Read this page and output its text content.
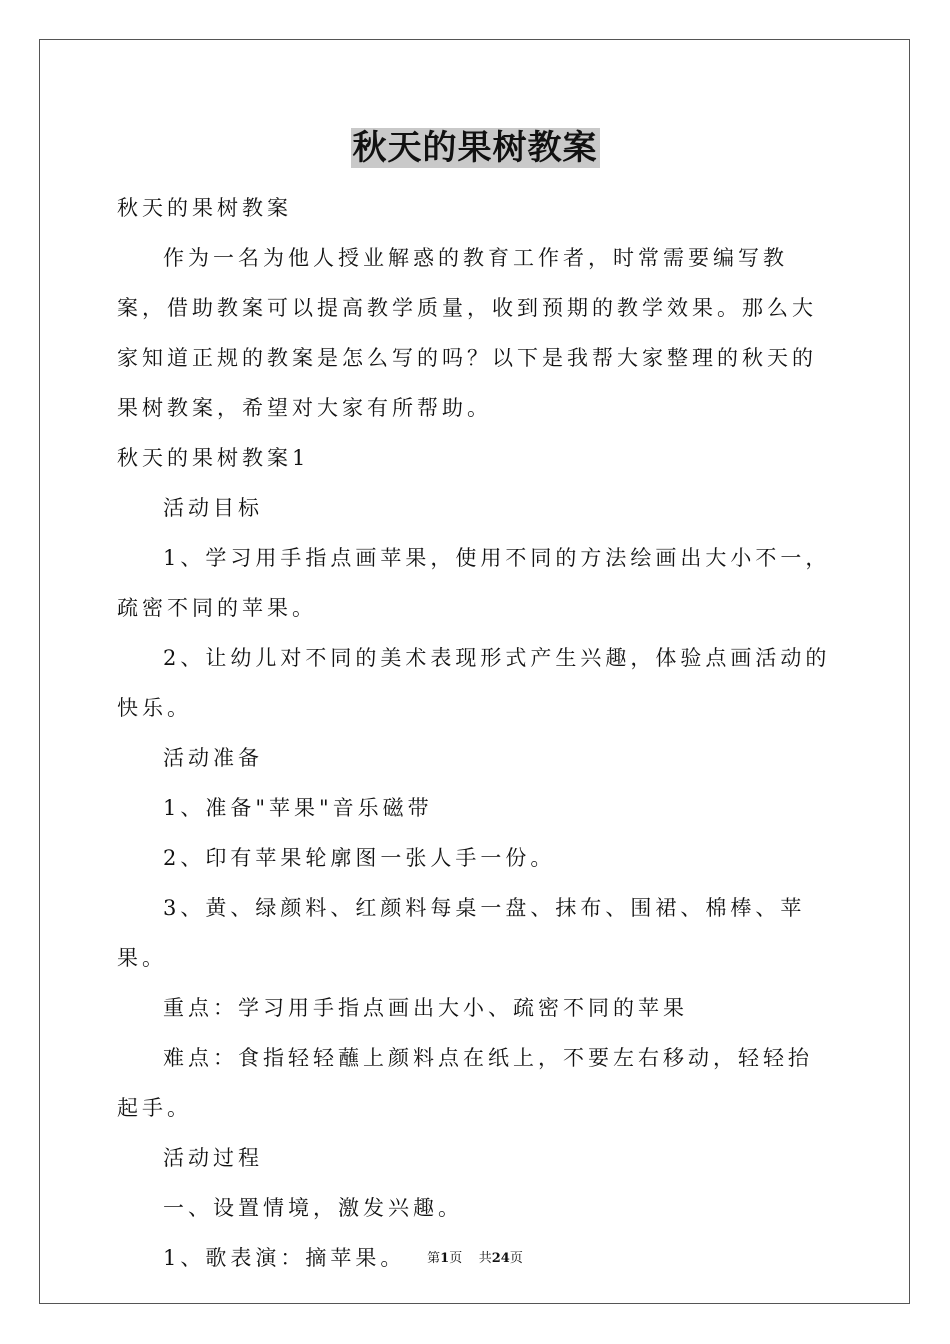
秋天的果树教案

秋天的果树教案

作为一名为他人授业解惑的教育工作者，时常需要编写教案，借助教案可以提高教学质量，收到预期的教学效果。那么大家知道正规的教案是怎么写的吗？以下是我帮大家整理的秋天的果树教案，希望对大家有所帮助。

秋天的果树教案1

活动目标

1、学习用手指点画苹果，使用不同的方法绘画出大小不一，疏密不同的苹果。

2、让幼儿对不同的美术表现形式产生兴趣，体验点画活动的快乐。

活动准备

1、准备"苹果"音乐磁带

2、印有苹果轮廓图一张人手一份。

3、黄、绿颜料、红颜料每桌一盘、抹布、围裙、棉棒、苹果。

重点：学习用手指点画出大小、疏密不同的苹果

难点：食指轻轻蘸上颜料点在纸上，不要左右移动，轻轻抬起手。

活动过程

一、设置情境，激发兴趣。

1、歌表演：摘苹果。	第1页 共24页
